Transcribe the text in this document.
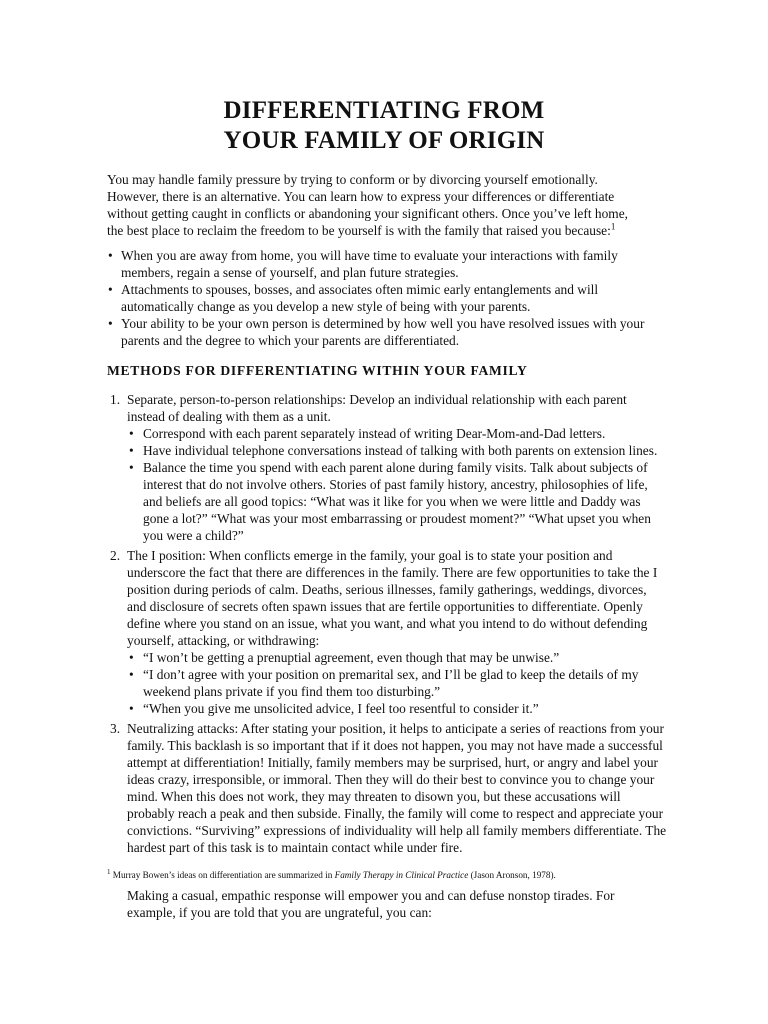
DIFFERENTIATING FROM
YOUR FAMILY OF ORIGIN

You may handle family pressure by trying to conform or by divorcing yourself emotionally. However, there is an alternative. You can learn how to express your differences or differentiate without getting caught in conflicts or abandoning your significant others. Once you’ve left home, the best place to reclaim the freedom to be yourself is with the family that raised you because:$^1$

• When you are away from home, you will have time to evaluate your interactions with family members, regain a sense of yourself, and plan future strategies.
• Attachments to spouses, bosses, and associates often mimic early entanglements and will automatically change as you develop a new style of being with your parents.
• Your ability to be your own person is determined by how well you have resolved issues with your parents and the degree to which your parents are differentiated.
METHODS FOR DIFFERENTIATING WITHIN YOUR FAMILY
1. Separate, person-to-person relationships: Develop an individual relationship with each parent instead of dealing with them as a unit.
• Correspond with each parent separately instead of writing Dear-Mom-and-Dad letters.
• Have individual telephone conversations instead of talking with both parents on extension lines.
• Balance the time you spend with each parent alone during family visits. Talk about subjects of interest that do not involve others. Stories of past family history, ancestry, philosophies of life, and beliefs are all good topics: “What was it like for you when we were little and Daddy was gone a lot?” “What was your most embarrassing or proudest moment?” “What upset you when you were a child?”
2. The I position: When conflicts emerge in the family, your goal is to state your position and underscore the fact that there are differences in the family. There are few opportunities to take the I position during periods of calm. Deaths, serious illnesses, family gatherings, weddings, divorces, and disclosure of secrets often spawn issues that are fertile opportunities to differentiate. Openly define where you stand on an issue, what you want, and what you intend to do without defending yourself, attacking, or withdrawing:
• “I won’t be getting a prenuptial agreement, even though that may be unwise.”
• “I don’t agree with your position on premarital sex, and I’ll be glad to keep the details of my weekend plans private if you find them too disturbing.”
• “When you give me unsolicited advice, I feel too resentful to consider it.”
3. Neutralizing attacks: After stating your position, it helps to anticipate a series of reactions from your family. This backlash is so important that if it does not happen, you may not have made a successful attempt at differentiation! Initially, family members may be surprised, hurt, or angry and label your ideas crazy, irresponsible, or immoral. Then they will do their best to convince you to change your mind. When this does not work, they may threaten to disown you, but these accusations will probably reach a peak and then subside. Finally, the family will come to respect and appreciate your convictions. “Surviving” expressions of individuality will help all family members differentiate. The hardest part of this task is to maintain contact while under fire.
$^1$ Murray Bowen’s ideas on differentiation are summarized in Family Therapy in Clinical Practice (Jason Aronson, 1978).

Making a casual, empathic response will empower you and can defuse nonstop tirades. For example, if you are told that you are ungrateful, you can:
